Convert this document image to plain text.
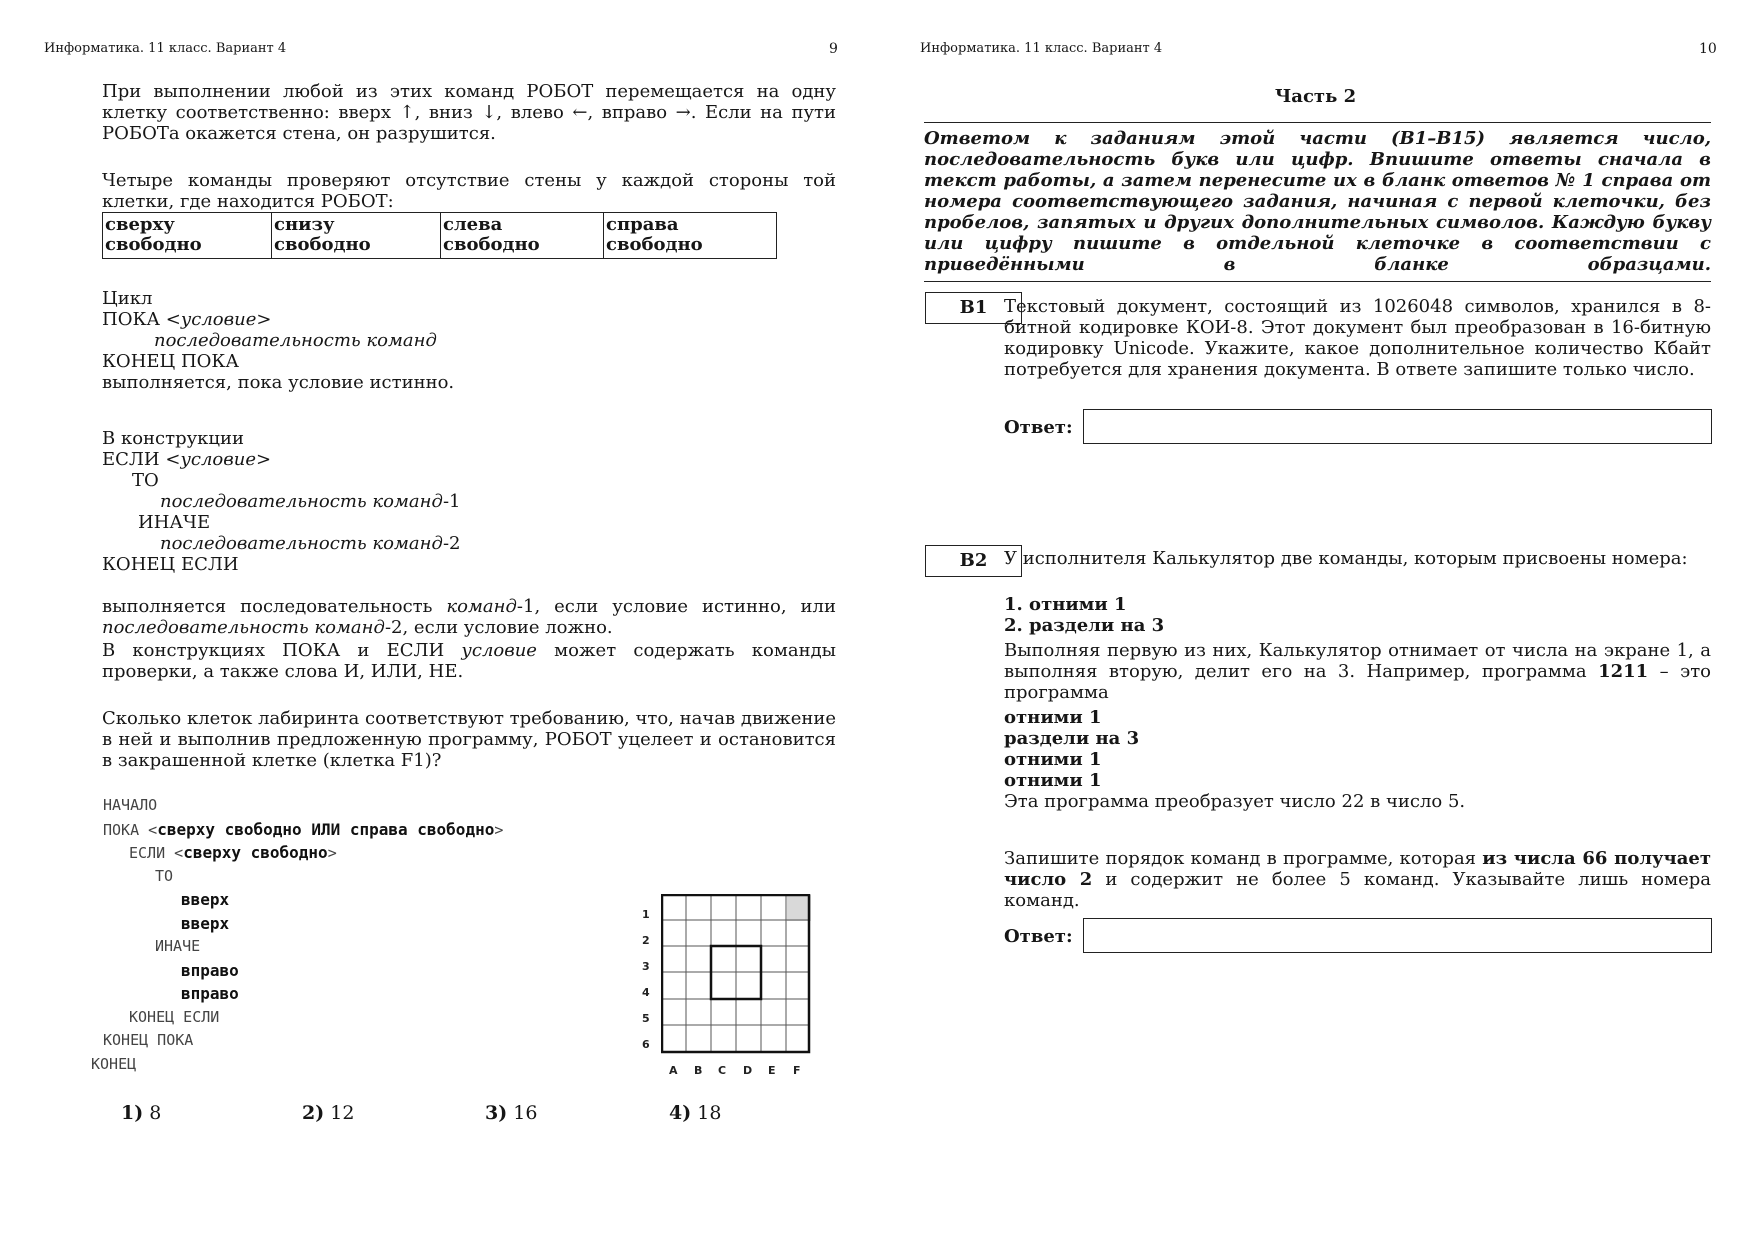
Информатика. 11 класс. Вариант 4	9

При выполнении любой из этих команд РОБОТ перемещается на одну клетку соответственно: вверх ↑, вниз ↓, влево ←, вправо →. Если на пути РОБОТа окажется стена, он разрушится.

Четыре команды проверяют отсутствие стены у каждой стороны той клетки, где находится РОБОТ:

сверху
свободно

снизу
свободно

слева
свободно

справа
свободно
Цикл
ПОКА <условие>
последовательность команд
КОНЕЦ ПОКА
выполняется, пока условие истинно.
В конструкции
ЕСЛИ <условие>
ТО
последовательность команд-1
ИНАЧЕ
последовательность команд-2
КОНЕЦ ЕСЛИ

выполняется последовательность команд-1, если условие истинно, или последовательность команд-2, если условие ложно.

В конструкциях ПОКА и ЕСЛИ условие может содержать команды проверки, а также слова И, ИЛИ, НЕ.

Сколько клеток лабиринта соответствуют требованию, что, начав движение в ней и выполнив предложенную программу, РОБОТ уцелеет и остановится в закрашенной клетке (клетка F1)?

НАЧАЛО
ПОКА <сверху свободно ИЛИ справа свободно>
ЕСЛИ <сверху свободно>
ТО
вверх
вверх
ИНАЧЕ
вправо
вправо
КОНЕЦ ЕСЛИ
КОНЕЦ ПОКА
КОНЕЦ
1
2
3
4
5
6
A B C D E F
1) 8	2) 12	3) 16	4) 18
Информатика. 11 класс. Вариант 4	10
Часть 2

Ответом к заданиям этой части (В1–В15) является число, последовательность букв или цифр. Впишите ответы сначала в текст работы, а затем перенесите их в бланк ответов № 1 справа от номера соответствующего задания, начиная с первой клеточки, без пробелов, запятых и других дополнительных символов. Каждую букву или цифру пишите в отдельной клеточке в соответствии с приведёнными в бланке образцами.

B1 Текстовый документ, состоящий из 1026048 символов, хранился в 8-битной кодировке КОИ-8. Этот документ был преобразован в 16-битную кодировку Unicode. Укажите, какое дополнительное количество Кбайт потребуется для хранения документа. В ответе запишите только число.

Ответ:
B2 У исполнителя Калькулятор две команды, которым присвоены номера:

1. отними 1
2. раздели на 3

Выполняя первую из них, Калькулятор отнимает от числа на экране 1, а выполняя вторую, делит его на 3. Например, программа 1211 – это программа

отними 1
раздели на 3
отними 1
отними 1
Эта программа преобразует число 22 в число 5.

Запишите порядок команд в программе, которая из числа 66 получает число 2 и содержит не более 5 команд. Указывайте лишь номера команд.

Ответ:
